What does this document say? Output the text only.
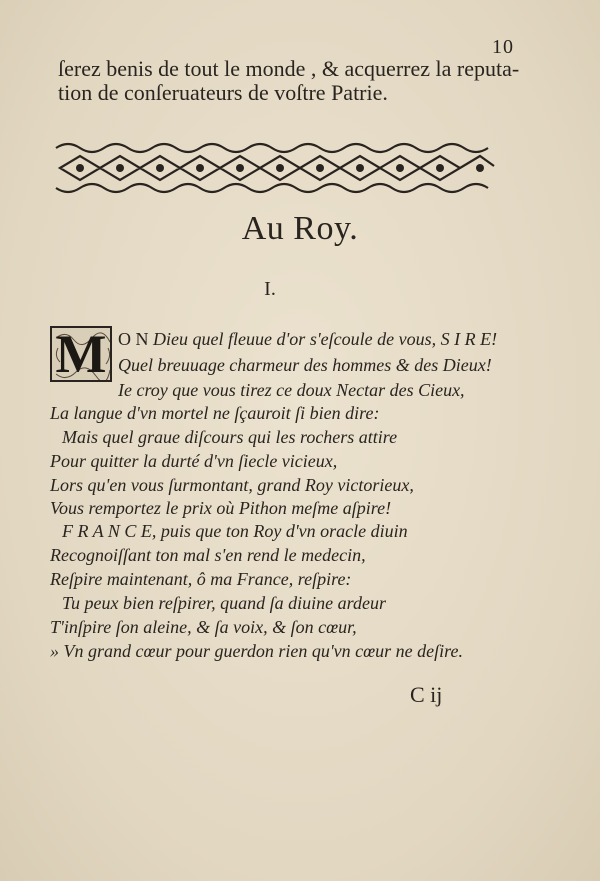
10
ſerez benis de tout le monde , & acquerrez la reputa-
tion de conſeruateurs de voſtre Patrie.
Au Roy.
I.
M O N Dieu quel fleuue d'or s'eſcoule de vous, S I R E!
Quel breuuage charmeur des hommes & des Dieux!
Ie croy que vous tirez ce doux Nectar des Cieux,
La langue d'vn mortel ne ſçauroit ſi bien dire:
Mais quel graue diſcours qui les rochers attire
Pour quitter la durté d'vn ſiecle vicieux,
Lors qu'en vous ſurmontant, grand Roy victorieux,
Vous remportez le prix où Pithon meſme aſpire!
F R A N C E, puis que ton Roy d'vn oracle diuin
Recognoiſſant ton mal s'en rend le medecin,
Reſpire maintenant, ô ma France, reſpire:
Tu peux bien reſpirer, quand ſa diuine ardeur
T'inſpire ſon aleine, & ſa voix, & ſon cœur,
» Vn grand cœur pour guerdon rien qu'vn cœur ne deſire.
C ij
